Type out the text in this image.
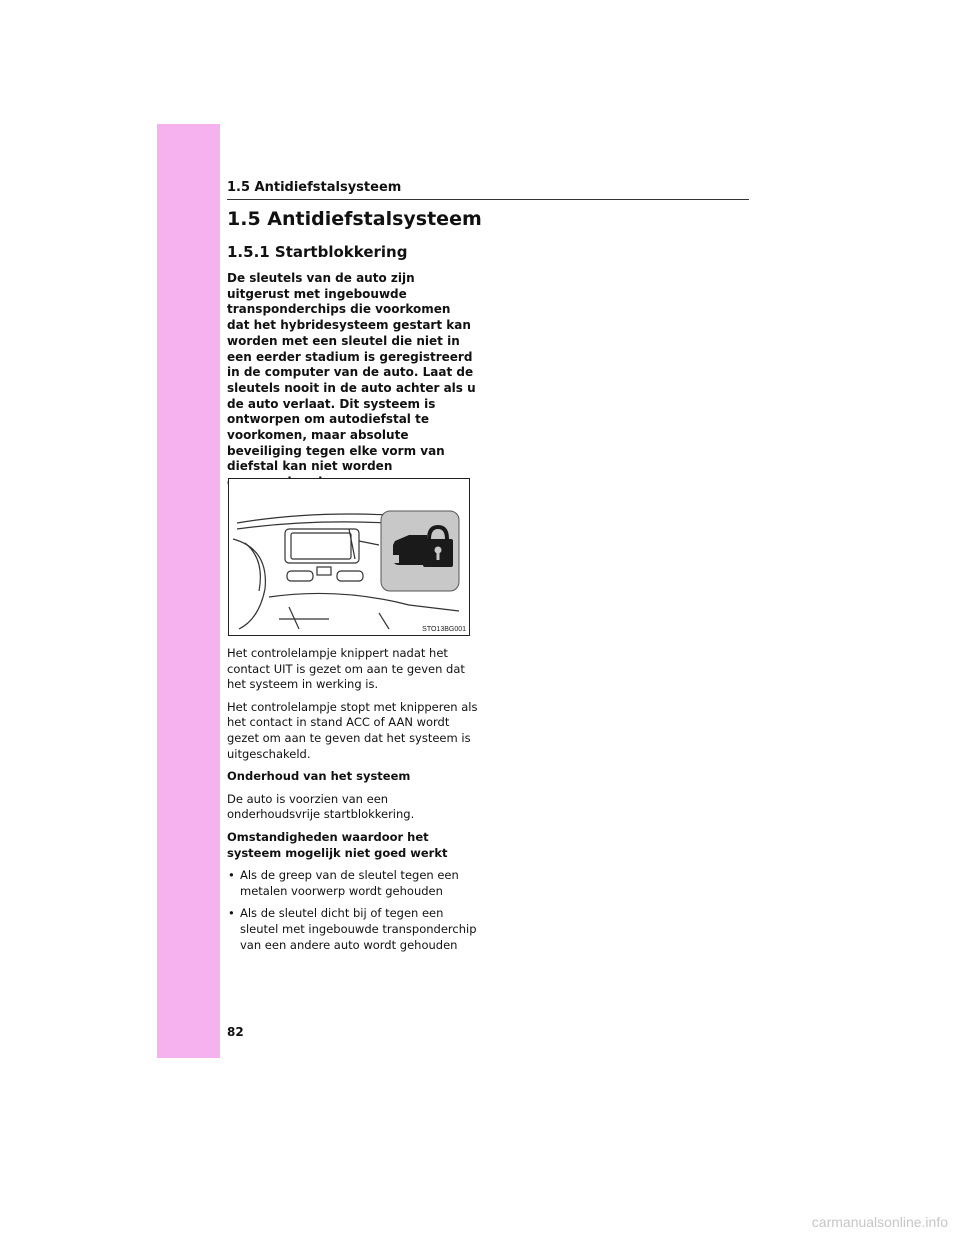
1.5 Antidiefstalsysteem
1.5 Antidiefstalsysteem
1.5.1 Startblokkering
De sleutels van de auto zijn uitgerust met ingebouwde transponderchips die voorkomen dat het hybridesysteem gestart kan worden met een sleutel die niet in een eerder stadium is geregistreerd in de computer van de auto. Laat de sleutels nooit in de auto achter als u de auto verlaat. Dit systeem is ontworpen om autodiefstal te voorkomen, maar absolute beveiliging tegen elke vorm van diefstal kan niet worden
STO13BG001

Het controlelampje knippert nadat het contact UIT is gezet om aan te geven dat het systeem in werking is.

Het controlelampje stopt met knipperen als het contact in stand ACC of AAN wordt gezet om aan te geven dat het systeem is uitgeschakeld.

Onderhoud van het systeem

De auto is voorzien van een onderhoudsvrije startblokkering.

Omstandigheden waardoor het systeem mogelijk niet goed werkt

• Als de greep van de sleutel tegen een metalen voorwerp wordt gehouden
• Als de sleutel dicht bij of tegen een sleutel met ingebouwde transponderchip van een andere auto wordt gehouden
82
carmanualsonline.info
